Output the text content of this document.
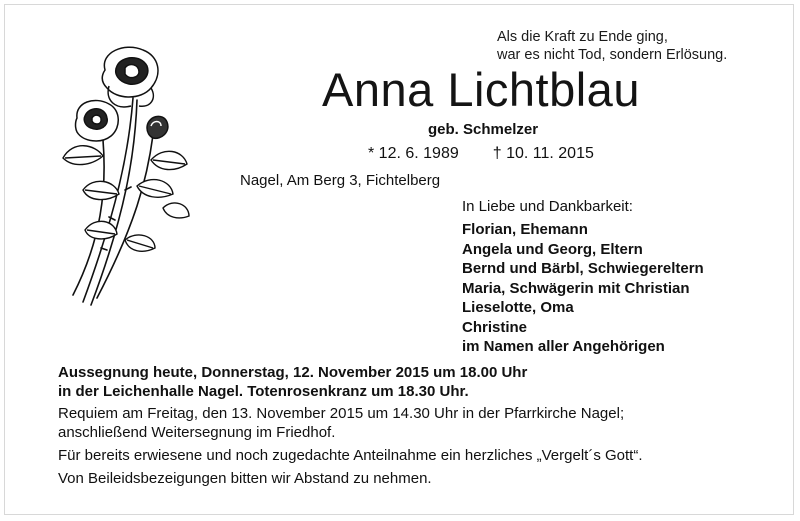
Als die Kraft zu Ende ging,
war es nicht Tod, sondern Erlösung.
Anna Lichtblau
geb. Schmelzer
* 12. 6. 1989 † 10. 11. 2015
Nagel, Am Berg 3, Fichtelberg
In Liebe und Dankbarkeit:
Florian, Ehemann
Angela und Georg, Eltern
Bernd und Bärbl, Schwiegereltern
Maria, Schwägerin mit Christian
Lieselotte, Oma
Christine
im Namen aller Angehörigen
Aussegnung heute, Donnerstag, 12. November 2015 um 18.00 Uhr
in der Leichenhalle Nagel. Totenrosenkranz um 18.30 Uhr.
Requiem am Freitag, den 13. November 2015 um 14.30 Uhr in der Pfarrkirche Nagel;
anschließend Weitersegnung im Friedhof.
Für bereits erwiesene und noch zugedachte Anteilnahme ein herzliches „Vergelt´s Gott“.
Von Beileidsbezeigungen bitten wir Abstand zu nehmen.
